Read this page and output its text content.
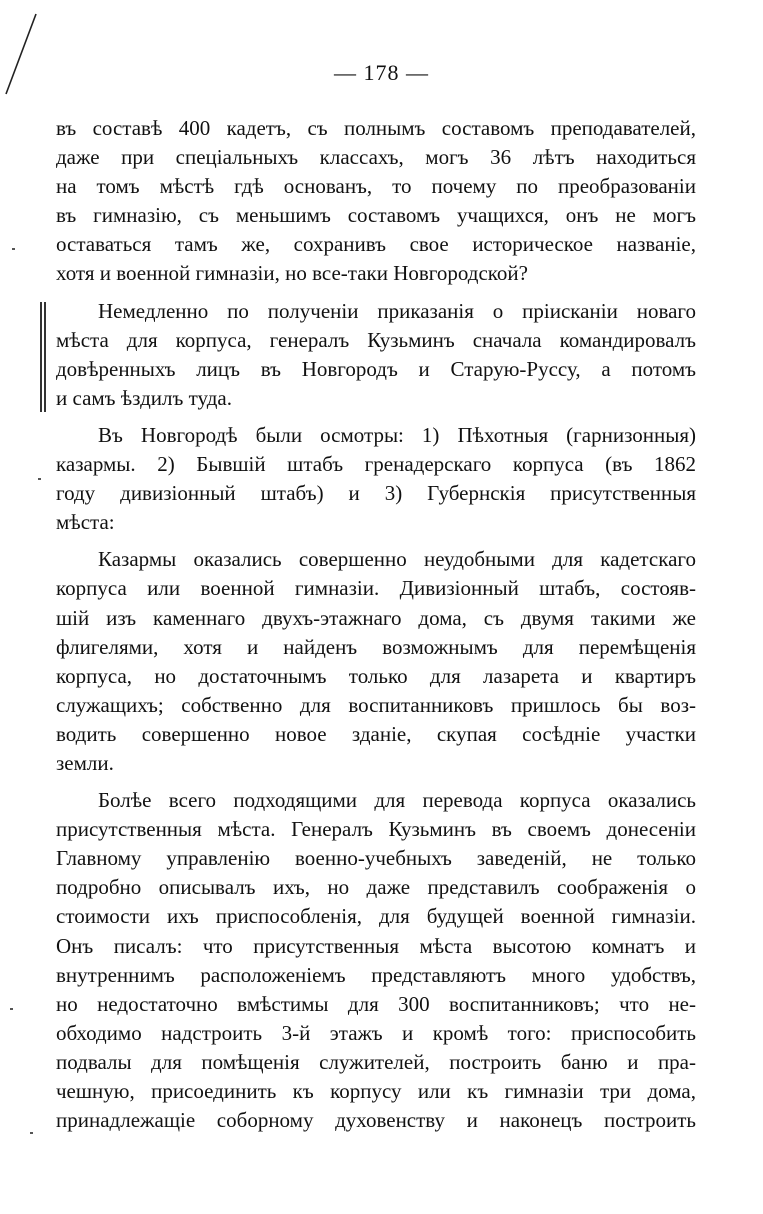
— 178 —
въ составѣ 400 кадетъ, съ полнымъ составомъ преподавателей,
даже при спеціальныхъ классахъ, могъ 36 лѣтъ находиться
на томъ мѣстѣ гдѣ основанъ, то почему по преобразованіи
въ гимназію, съ меньшимъ составомъ учащихся, онъ не могъ
оставаться тамъ же, сохранивъ свое историческое названіе,
хотя и военной гимназіи, но все-таки Новгородской?
Немедленно по полученіи приказанія о пріисканіи новаго
мѣста для корпуса, генералъ Кузьминъ сначала командировалъ
довѣренныхъ лицъ въ Новгородъ и Старую-Руссу, а потомъ
и самъ ѣздилъ туда.
Въ Новгородѣ были осмотры: 1) Пѣхотныя (гарнизонныя)
казармы. 2) Бывшій штабъ гренадерскаго корпуса (въ 1862
году дивизіонный штабъ) и 3) Губернскія присутственныя
мѣста:
Казармы оказались совершенно неудобными для кадетскаго
корпуса или военной гимназіи. Дивизіонный штабъ, состояв-
шій изъ каменнаго двухъ-этажнаго дома, съ двумя такими же
флигелями, хотя и найденъ возможнымъ для перемѣщенія
корпуса, но достаточнымъ только для лазарета и квартиръ
служащихъ; собственно для воспитанниковъ пришлось бы воз-
водить совершенно новое зданіе, скупая сосѣдніе участки
земли.
Болѣе всего подходящими для перевода корпуса оказались
присутственныя мѣста. Генералъ Кузьминъ въ своемъ донесеніи
Главному управленію военно-учебныхъ заведеній, не только
подробно описывалъ ихъ, но даже представилъ соображенія о
стоимости ихъ приспособленія, для будущей военной гимназіи.
Онъ писалъ: что присутственныя мѣста высотою комнатъ и
внутреннимъ расположеніемъ представляютъ много удобствъ,
но недостаточно вмѣстимы для 300 воспитанниковъ; что не-
обходимо надстроить 3-й этажъ и кромѣ того: приспособить
подвалы для помѣщенія служителей, построить баню и пра-
чешную, присоединить къ корпусу или къ гимназіи три дома,
принадлежащіе соборному духовенству и наконецъ построить
